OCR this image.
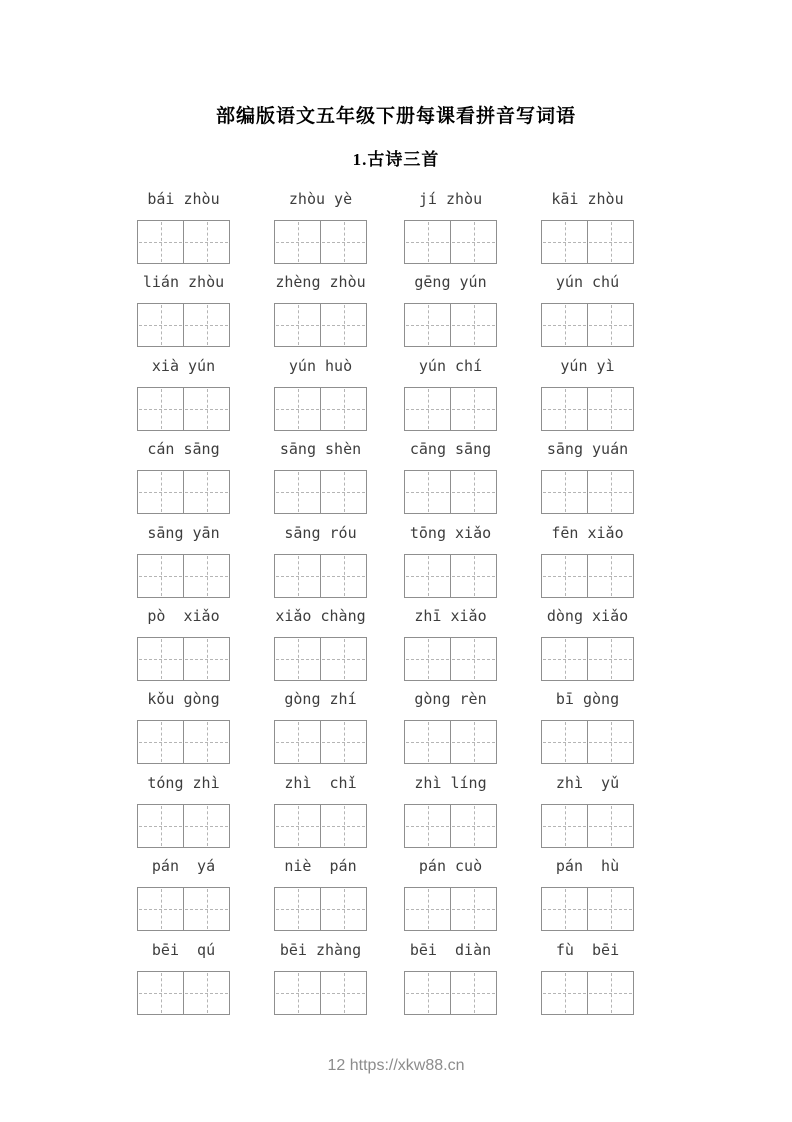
部编版语文五年级下册每课看拼音写词语
1.古诗三首
bái zhòu	zhòu yè	jí zhòu	kāi zhòu
lián zhòu	zhèng zhòu	gēng yún	yún chú
xià yún	yún huò	yún chí	yún yì
cán sāng	sāng shèn	cāng sāng	sāng yuán
sāng yān	sāng róu	tōng xiǎo	fēn xiǎo
pò  xiǎo	xiǎo chàng	zhī xiǎo	dòng xiǎo
kǒu gòng	gòng zhí	gòng rèn	bī gòng
tóng zhì	zhì  chǐ	zhì líng	zhì  yǔ
pán  yá	niè  pán	pán cuò	pán  hù
bēi  qú	bēi zhàng	bēi  diàn	fù  bēi
12 https://xkw88.cn
